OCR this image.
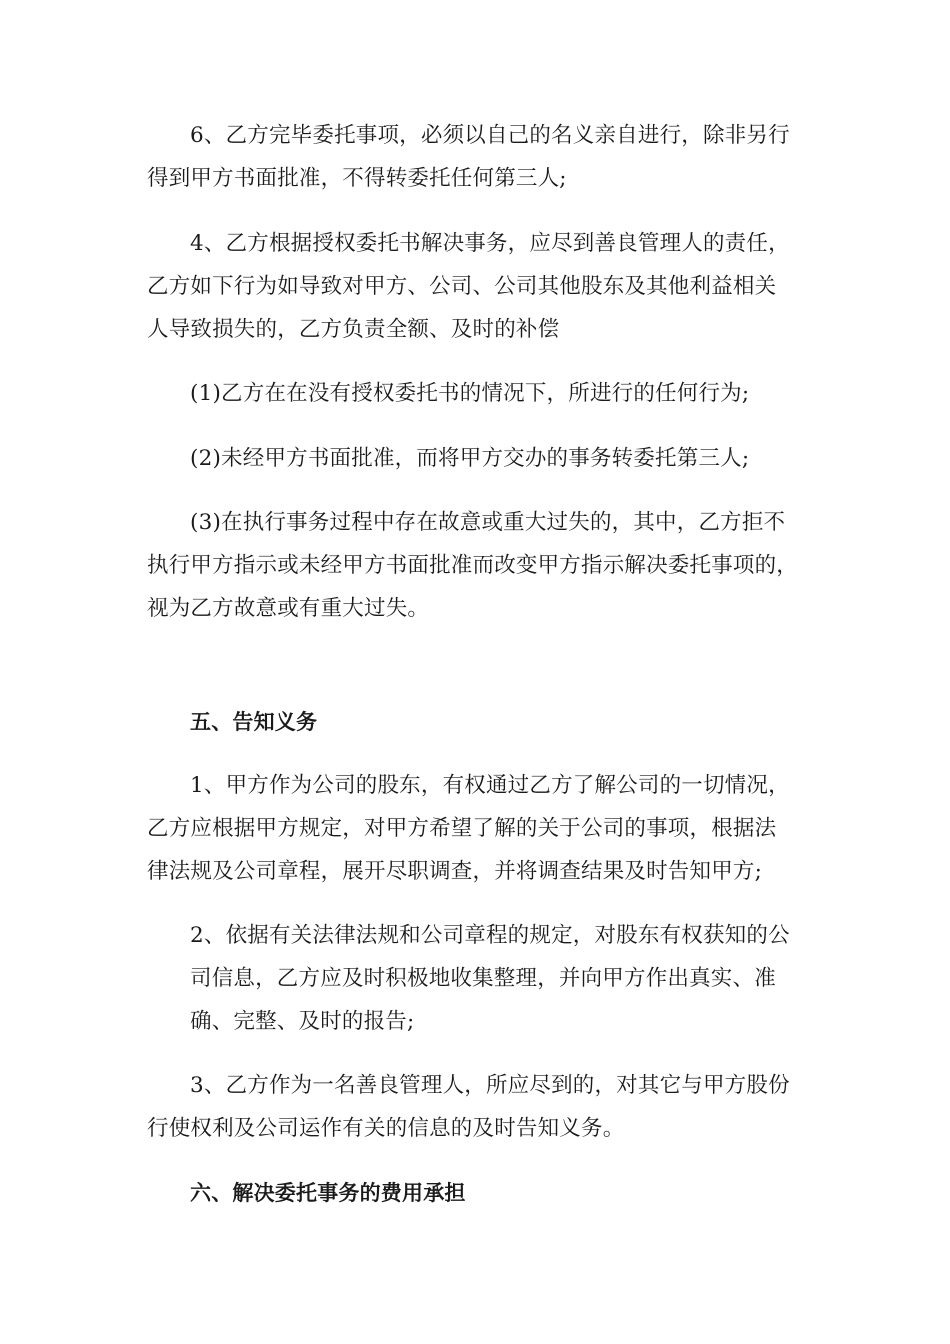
6、乙方完毕委托事项，必须以自己的名义亲自进行，除非另行
得到甲方书面批准，不得转委托任何第三人;
4、乙方根据授权委托书解决事务，应尽到善良管理人的责任，
乙方如下行为如导致对甲方、公司、公司其他股东及其他利益相关
人导致损失的，乙方负责全额、及时的补偿
(1)乙方在在没有授权委托书的情况下，所进行的任何行为;
(2)未经甲方书面批准，而将甲方交办的事务转委托第三人;
(3)在执行事务过程中存在故意或重大过失的，其中，乙方拒不
执行甲方指示或未经甲方书面批准而改变甲方指示解决委托事项的，
视为乙方故意或有重大过失。
五、告知义务
1、甲方作为公司的股东，有权通过乙方了解公司的一切情况，
乙方应根据甲方规定，对甲方希望了解的关于公司的事项，根据法
律法规及公司章程，展开尽职调查，并将调查结果及时告知甲方;
2、依据有关法律法规和公司章程的规定，对股东有权获知的公
司信息，乙方应及时积极地收集整理，并向甲方作出真实、准
确、完整、及时的报告;
3、乙方作为一名善良管理人，所应尽到的，对其它与甲方股份
行使权利及公司运作有关的信息的及时告知义务。
六、解决委托事务的费用承担
